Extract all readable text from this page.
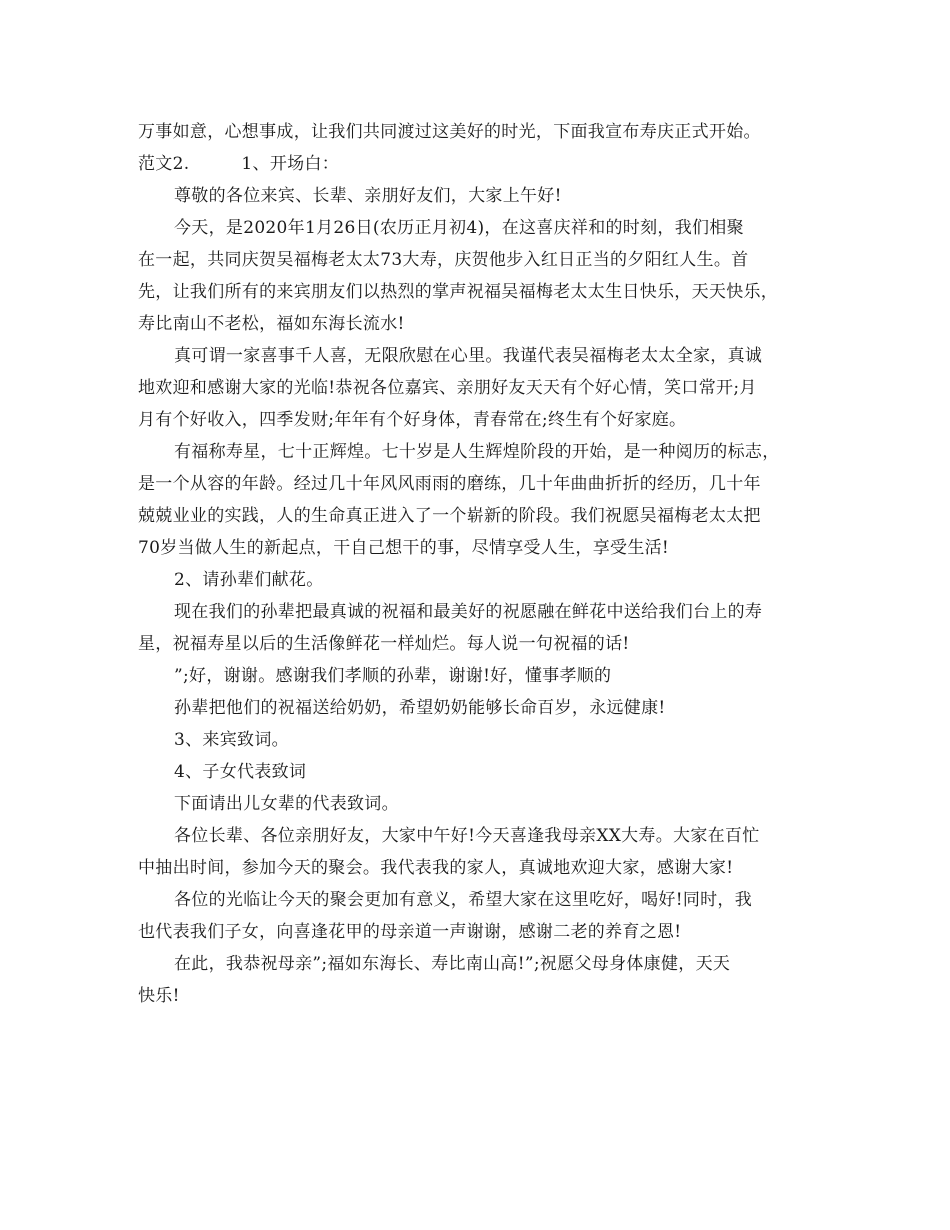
万事如意，心想事成，让我们共同渡过这美好的时光，下面我宣布寿庆正式开始。
范文2.	1、开场白：
尊敬的各位来宾、长辈、亲朋好友们，大家上午好!
今天，是2020年1月26日(农历正月初4)，在这喜庆祥和的时刻，我们相聚
在一起，共同庆贺吴福梅老太太73大寿，庆贺他步入红日正当的夕阳红人生。首
先，让我们所有的来宾朋友们以热烈的掌声祝福吴福梅老太太生日快乐，天天快乐，
寿比南山不老松，福如东海长流水!
真可谓一家喜事千人喜，无限欣慰在心里。我谨代表吴福梅老太太全家，真诚
地欢迎和感谢大家的光临!恭祝各位嘉宾、亲朋好友天天有个好心情，笑口常开;月
月有个好收入，四季发财;年年有个好身体，青春常在;终生有个好家庭。
有福称寿星，七十正辉煌。七十岁是人生辉煌阶段的开始，是一种阅历的标志，
是一个从容的年龄。经过几十年风风雨雨的磨练，几十年曲曲折折的经历，几十年
兢兢业业的实践，人的生命真正进入了一个崭新的阶段。我们祝愿吴福梅老太太把
70岁当做人生的新起点，干自己想干的事，尽情享受人生，享受生活!
2、请孙辈们献花。
现在我们的孙辈把最真诚的祝福和最美好的祝愿融在鲜花中送给我们台上的寿
星，祝福寿星以后的生活像鲜花一样灿烂。每人说一句祝福的话!
”;好，谢谢。感谢我们孝顺的孙辈，谢谢!好，懂事孝顺的
孙辈把他们的祝福送给奶奶，希望奶奶能够长命百岁，永远健康!
3、来宾致词。
4、子女代表致词
下面请出儿女辈的代表致词。
各位长辈、各位亲朋好友，大家中午好!今天喜逢我母亲XX大寿。大家在百忙
中抽出时间，参加今天的聚会。我代表我的家人，真诚地欢迎大家，感谢大家!
各位的光临让今天的聚会更加有意义，希望大家在这里吃好，喝好!同时，我
也代表我们子女，向喜逢花甲的母亲道一声谢谢，感谢二老的养育之恩!
在此，我恭祝母亲”;福如东海长、寿比南山高!”;祝愿父母身体康健，天天
快乐!
